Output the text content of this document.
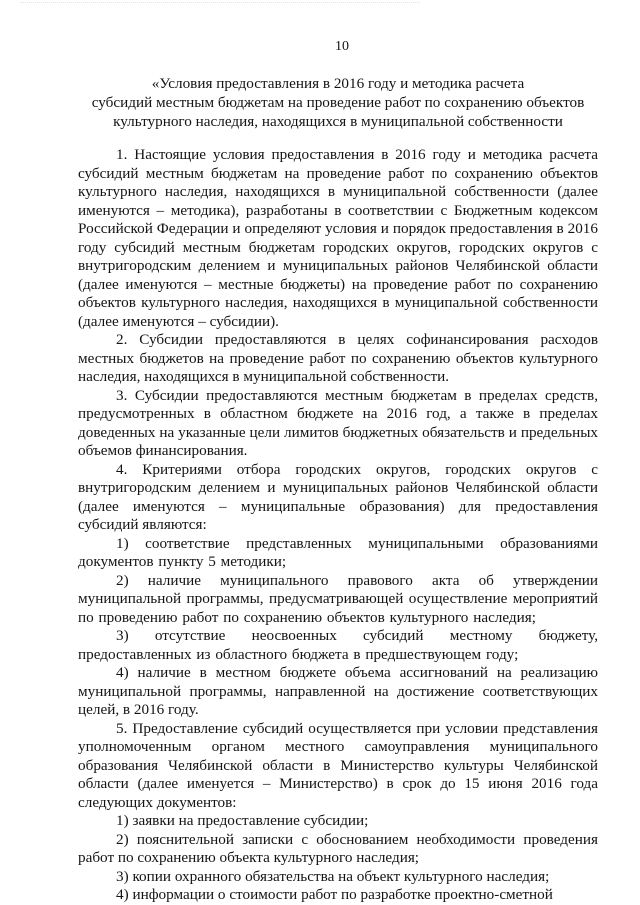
10
«Условия предоставления в 2016 году и методика расчета
субсидий местным бюджетам на проведение работ по сохранению объектов
культурного наследия, находящихся в муниципальной собственности

1. Настоящие условия предоставления в 2016 году и методика расчета субсидий местным бюджетам на проведение работ по сохранению объектов культурного наследия, находящихся в муниципальной собственности (далее именуются – методика), разработаны в соответствии с Бюджетным кодексом Российской Федерации и определяют условия и порядок предоставления в 2016 году субсидий местным бюджетам городских округов, городских округов с внутригородским делением и муниципальных районов Челябинской области (далее именуются – местные бюджеты) на проведение работ по сохранению объектов культурного наследия, находящихся в муниципальной собственности (далее именуются – субсидии).

2. Субсидии предоставляются в целях софинансирования расходов местных бюджетов на проведение работ по сохранению объектов культурного наследия, находящихся в муниципальной собственности.

3. Субсидии предоставляются местным бюджетам в пределах средств, предусмотренных в областном бюджете на 2016 год, а также в пределах доведенных на указанные цели лимитов бюджетных обязательств и предельных объемов финансирования.

4. Критериями отбора городских округов, городских округов с внутригородским делением и муниципальных районов Челябинской области (далее именуются – муниципальные образования) для предоставления субсидий являются:

1) соответствие представленных муниципальными образованиями документов пункту 5 методики;

2) наличие муниципального правового акта об утверждении муниципальной программы, предусматривающей осуществление мероприятий по проведению работ по сохранению объектов культурного наследия;

3) отсутствие неосвоенных субсидий местному бюджету, предоставленных из областного бюджета в предшествующем году;

4) наличие в местном бюджете объема ассигнований на реализацию муниципальной программы, направленной на достижение соответствующих целей, в 2016 году.

5. Предоставление субсидий осуществляется при условии представления уполномоченным органом местного самоуправления муниципального образования Челябинской области в Министерство культуры Челябинской области (далее именуется – Министерство) в срок до 15 июня 2016 года следующих документов:

1) заявки на предоставление субсидии;

2) пояснительной записки с обоснованием необходимости проведения работ по сохранению объекта культурного наследия;

3) копии охранного обязательства на объект культурного наследия;

4) информации о стоимости работ по разработке проектно-сметной
